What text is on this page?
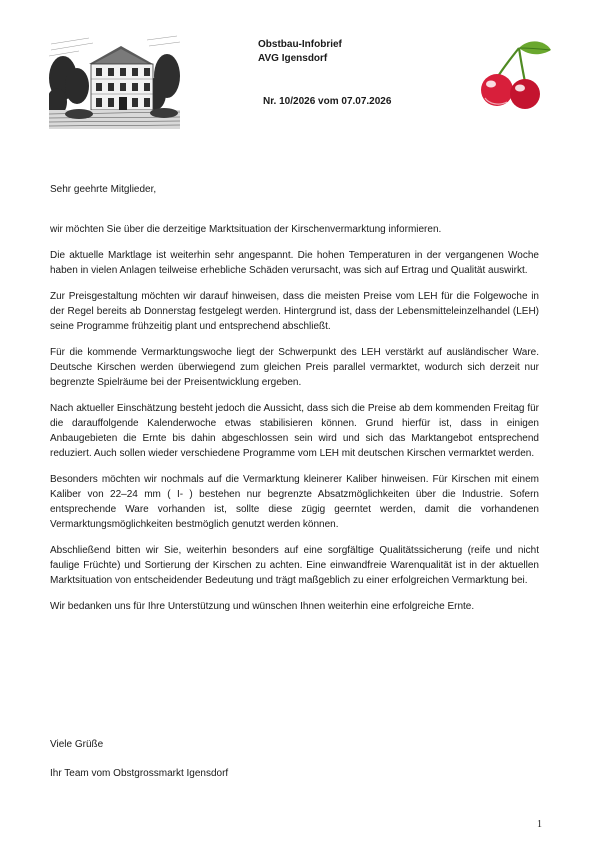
Obstbau-Infobrief
AVG Igensdorf
Nr. 10/2026 vom 07.07.2026
Sehr geehrte Mitglieder,

wir möchten Sie über die derzeitige Marktsituation der Kirschenvermarktung informieren.

Die aktuelle Marktlage ist weiterhin sehr angespannt. Die hohen Temperaturen in der vergangenen Woche haben in vielen Anlagen teilweise erhebliche Schäden verursacht, was sich auf Ertrag und Qualität auswirkt.

Zur Preisgestaltung möchten wir darauf hinweisen, dass die meisten Preise vom LEH für die Folgewoche in der Regel bereits ab Donnerstag festgelegt werden. Hintergrund ist, dass der Lebensmitteleinzelhandel (LEH) seine Programme frühzeitig plant und entsprechend abschließt.

Für die kommende Vermarktungswoche liegt der Schwerpunkt des LEH verstärkt auf ausländischer Ware. Deutsche Kirschen werden überwiegend zum gleichen Preis parallel vermarktet, wodurch sich derzeit nur begrenzte Spielräume bei der Preisentwicklung ergeben.

Nach aktueller Einschätzung besteht jedoch die Aussicht, dass sich die Preise ab dem kommenden Freitag für die darauffolgende Kalenderwoche etwas stabilisieren können. Grund hierfür ist, dass in einigen Anbaugebieten die Ernte bis dahin abgeschlossen sein wird und sich das Marktangebot entsprechend reduziert. Auch sollen wieder verschiedene Programme vom LEH mit deutschen Kirschen vermarktet werden.

Besonders möchten wir nochmals auf die Vermarktung kleinerer Kaliber hinweisen. Für Kirschen mit einem Kaliber von 22–24 mm ( I- ) bestehen nur begrenzte Absatzmöglichkeiten über die Industrie. Sofern entsprechende Ware vorhanden ist, sollte diese zügig geerntet werden, damit die vorhandenen Vermarktungsmöglichkeiten bestmöglich genutzt werden können.

Abschließend bitten wir Sie, weiterhin besonders auf eine sorgfältige Qualitätssicherung (reife und nicht faulige Früchte) und Sortierung der Kirschen zu achten. Eine einwandfreie Warenqualität ist in der aktuellen Marktsituation von entscheidender Bedeutung und trägt maßgeblich zu einer erfolgreichen Vermarktung bei.

Wir bedanken uns für Ihre Unterstützung und wünschen Ihnen weiterhin eine erfolgreiche Ernte.

Viele Grüße
Ihr Team vom Obstgrossmarkt Igensdorf
1
